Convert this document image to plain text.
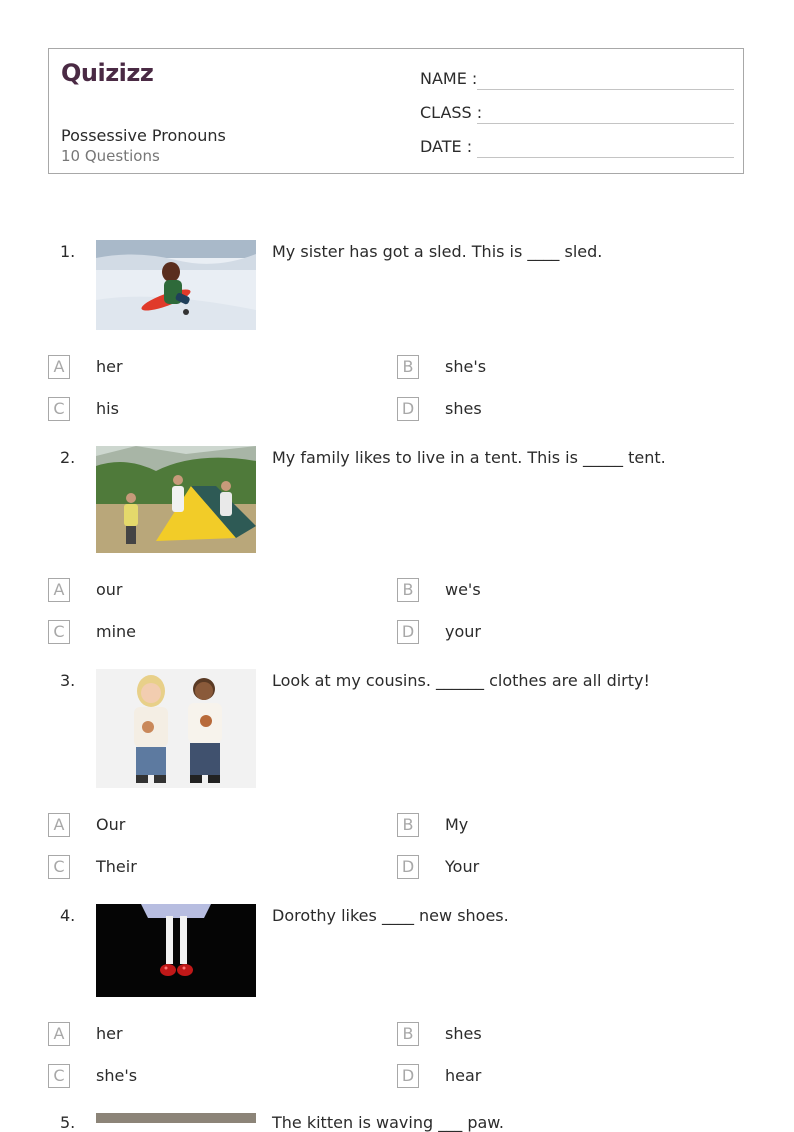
Quizizz
Possessive Pronouns
10 Questions
NAME :
CLASS :
DATE :
1.	My sister has got a sled. This is ____ sled.
A	her	B	she's
C	his	D	shes
2.	My family likes to live in a tent. This is _____ tent.
A	our	B	we's
C	mine	D	your
3.	Look at my cousins. ______ clothes are all dirty!
A	Our	B	My
C	Their	D	Your
4.	Dorothy likes ____ new shoes.
A	her	B	shes
C	she's	D	hear
5.	The kitten is waving ___ paw.
